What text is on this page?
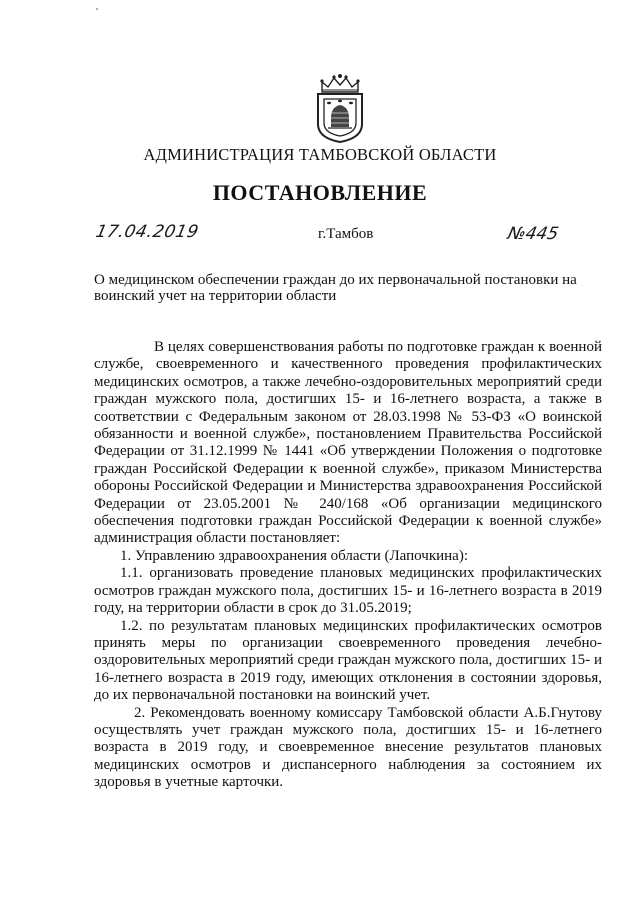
АДМИНИСТРАЦИЯ ТАМБОВСКОЙ ОБЛАСТИ
ПОСТАНОВЛЕНИЕ
17.04.2019	г.Тамбов	№445
О медицинском обеспечении граждан до их первоначальной постановки на воинский учет на территории области

В целях совершенствования работы по подготовке граждан к военной службе, своевременного и качественного проведения профилактических медицинских осмотров, а также лечебно-оздоровительных мероприятий среди граждан мужского пола, достигших 15- и 16-летнего возраста, а также в соответствии с Федеральным законом от 28.03.1998 № 53-ФЗ «О воинской обязанности и военной службе», постановлением Правительства Российской Федерации от 31.12.1999 № 1441 «Об утверждении Положения о подготовке граждан Российской Федерации к военной службе», приказом Министерства обороны Российской Федерации и Министерства здравоохранения Российской Федерации от 23.05.2001 № 240/168 «Об организации медицинского обеспечения подготовки граждан Российской Федерации к военной службе» администрация области постановляет:

1. Управлению здравоохранения области (Лапочкина):

1.1. организовать проведение плановых медицинских профилактических осмотров граждан мужского пола, достигших 15- и 16-летнего возраста в 2019 году, на территории области в срок до 31.05.2019;

1.2. по результатам плановых медицинских профилактических осмотров принять меры по организации своевременного проведения лечебно-оздоровительных мероприятий среди граждан мужского пола, достигших 15- и 16-летнего возраста в 2019 году, имеющих отклонения в состоянии здоровья, до их первоначальной постановки на воинский учет.

2. Рекомендовать военному комиссару Тамбовской области А.Б.Гнутову осуществлять учет граждан мужского пола, достигших 15- и 16-летнего возраста в 2019 году, и своевременное внесение результатов плановых медицинских осмотров и диспансерного наблюдения за состоянием их здоровья в учетные карточки.
